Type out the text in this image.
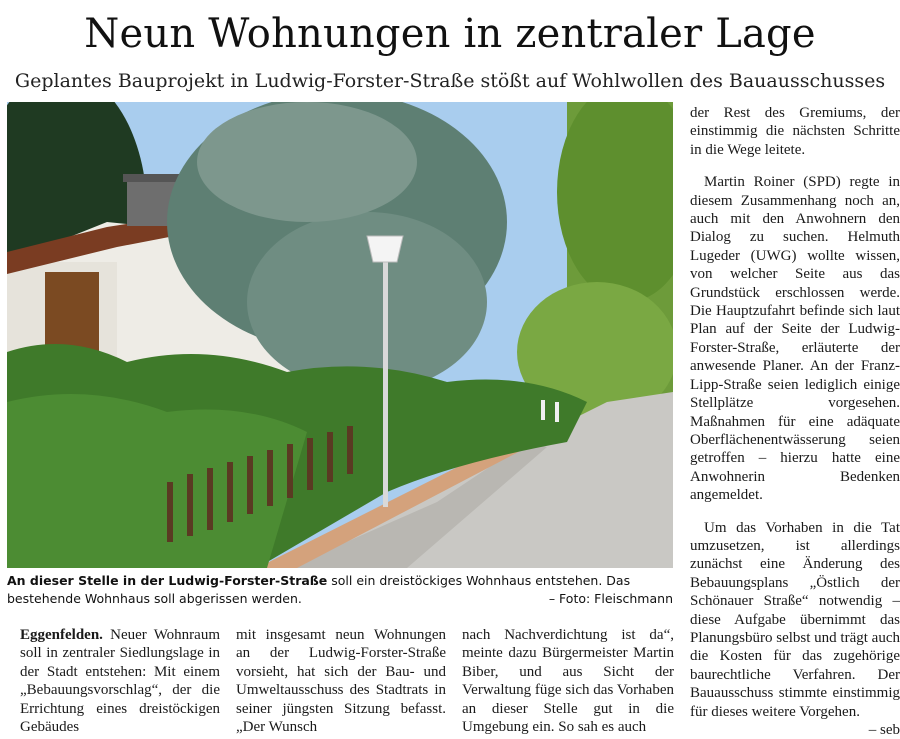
Neun Wohnungen in zentraler Lage
Geplantes Bauprojekt in Ludwig-Forster-Straße stößt auf Wohlwollen des Bauausschusses
An dieser Stelle in der Ludwig-Forster-Straße soll ein dreistöckiges Wohnhaus entstehen. Das bestehende Wohnhaus soll abgerissen werden.	– Foto: Fleischmann

Eggenfelden. Neuer Wohnraum soll in zentraler Siedlungslage in der Stadt entstehen: Mit einem „Bebauungsvorschlag“, der die Errichtung eines dreistöckigen Gebäudes

mit insgesamt neun Wohnungen an der Ludwig-Forster-Straße vorsieht, hat sich der Bau- und Umweltausschuss des Stadtrats in seiner jüngsten Sitzung befasst. „Der Wunsch

nach Nachverdichtung ist da“, meinte dazu Bürgermeister Martin Biber, und aus Sicht der Verwaltung füge sich das Vorhaben an dieser Stelle gut in die Umgebung ein. So sah es auch

der Rest des Gremiums, der einstimmig die nächsten Schritte in die Wege leitete.

Martin Roiner (SPD) regte in diesem Zusammenhang noch an, auch mit den Anwohnern den Dialog zu suchen. Helmuth Lugeder (UWG) wollte wissen, von welcher Seite aus das Grundstück erschlossen werde. Die Hauptzufahrt befinde sich laut Plan auf der Seite der Ludwig-Forster-Straße, erläuterte der anwesende Planer. An der Franz-Lipp-Straße seien lediglich einige Stellplätze vorgesehen. Maßnahmen für eine adäquate Oberflächenentwässerung seien getroffen – hierzu hatte eine Anwohnerin Bedenken angemeldet.

Um das Vorhaben in die Tat umzusetzen, ist allerdings zunächst eine Änderung des Bebauungsplans „Östlich der Schönauer Straße“ notwendig – diese Aufgabe übernimmt das Planungsbüro selbst und trägt auch die Kosten für das zugehörige baurechtliche Verfahren. Der Bauausschuss stimmte einstimmig für dieses weitere Vorgehen.
– seb
